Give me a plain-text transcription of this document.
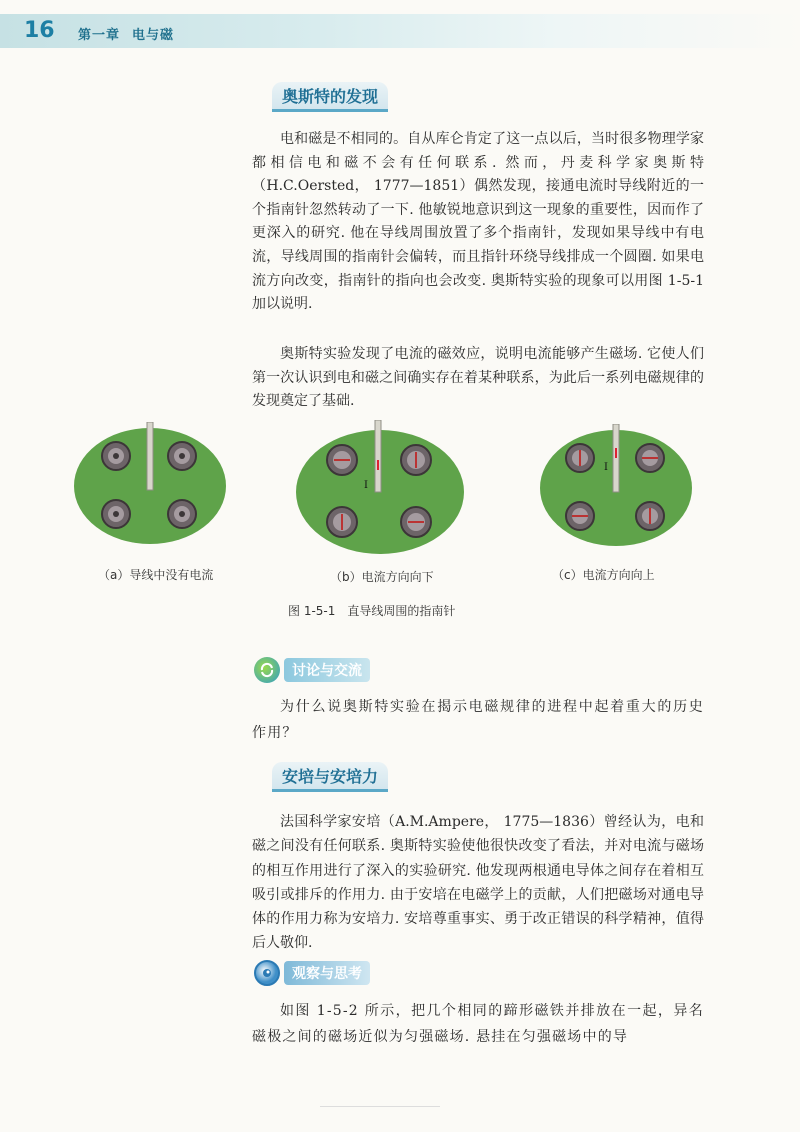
16 第一章 电与磁
奥斯特的发现

电和磁是不相同的。自从库仑肯定了这一点以后，当时很多物理学家都相信电和磁不会有任何联系. 然而，丹麦科学家奥斯特（H.C.Oersted， 1777—1851）偶然发现，接通电流时导线附近的一个指南针忽然转动了一下. 他敏锐地意识到这一现象的重要性，因而作了更深入的研究. 他在导线周围放置了多个指南针，发现如果导线中有电流，导线周围的指南针会偏转，而且指针环绕导线排成一个圆圈. 如果电流方向改变，指南针的指向也会改变. 奥斯特实验的现象可以用图 1-5-1 加以说明.

奥斯特实验发现了电流的磁效应，说明电流能够产生磁场. 它使人们第一次认识到电和磁之间确实存在着某种联系，为此后一系列电磁规律的发现奠定了基础.

I
I
（a）导线中没有电流	（b）电流方向向下	（c）电流方向向上
图 1-5-1　直导线周围的指南针
讨论与交流

为什么说奥斯特实验在揭示电磁规律的进程中起着重大的历史作用？

安培与安培力

法国科学家安培（A.M.Ampere， 1775—1836）曾经认为，电和磁之间没有任何联系. 奥斯特实验使他很快改变了看法，并对电流与磁场的相互作用进行了深入的实验研究. 他发现两根通电导体之间存在着相互吸引或排斥的作用力. 由于安培在电磁学上的贡献，人们把磁场对通电导体的作用力称为安培力. 安培尊重事实、勇于改正错误的科学精神，值得后人敬仰.

观察与思考

如图 1-5-2 所示，把几个相同的蹄形磁铁并排放在一起，异名磁极之间的磁场近似为匀强磁场. 悬挂在匀强磁场中的导
